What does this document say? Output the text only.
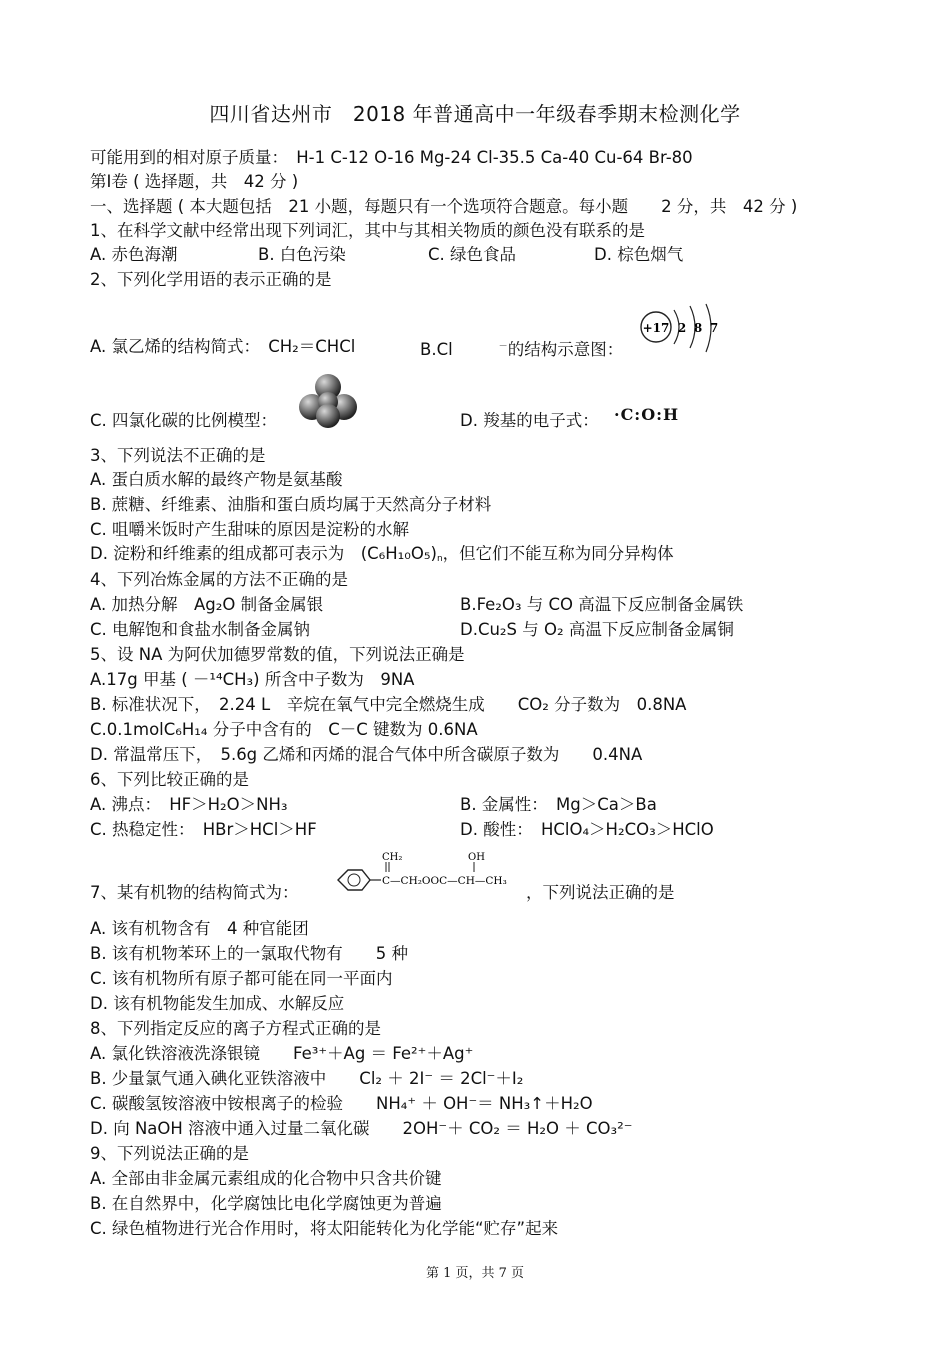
四川省达州市　2018 年普通高中一年级春季期末检测化学
可能用到的相对原子质量：　H-1 C-12 O-16 Mg-24 Cl-35.5 Ca-40 Cu-64 Br-80
第Ⅰ卷 ( 选择题，共　42 分 )
一、选择题 ( 本大题包括　21 小题，每题只有一个选项符合题意。每小题　　2 分，共　42 分 )
1、在科学文献中经常出现下列词汇，其中与其相关物质的颜色没有联系的是
A. 赤色海潮	B. 白色污染	C. 绿色食品	D. 棕色烟气
2、下列化学用语的表示正确的是
A. 氯乙烯的结构简式：　CH₂＝CHCl	B.Cl	－的结构示意图：
+17 2 8 7
C. 四氯化碳的比例模型：	D. 羧基的电子式： ·C:O:H
3、下列说法不正确的是
A. 蛋白质水解的最终产物是氨基酸
B. 蔗糖、纤维素、油脂和蛋白质均属于天然高分子材料
C. 咀嚼米饭时产生甜味的原因是淀粉的水解
D. 淀粉和纤维素的组成都可表示为　$(C_6H_{10}O_5)_n$，但它们不能互称为同分异构体
4、下列冶炼金属的方法不正确的是
A. 加热分解　Ag₂O 制备金属银	B.Fe₂O₃ 与 CO 高温下反应制备金属铁
C. 电解饱和食盐水制备金属钠	D.Cu₂S 与 O₂ 高温下反应制备金属铜
5、设 NA 为阿伏加德罗常数的值，下列说法正确是
A.17g 甲基 ( －¹⁴CH₃) 所含中子数为　9NA
B. 标准状况下，　2.24 L　辛烷在氧气中完全燃烧生成　　CO₂ 分子数为　0.8NA
C.0.1molC₆H₁₄ 分子中含有的　C－C 键数为 0.6NA
D. 常温常压下，　5.6g 乙烯和丙烯的混合气体中所含碳原子数为　　0.4NA
6、下列比较正确的是
A. 沸点：　HF＞H₂O＞NH₃	B. 金属性：　Mg＞Ca＞Ba
C. 热稳定性：　HBr＞HCl＞HF	D. 酸性：　HClO₄＞H₂CO₃＞HClO
7、某有机物的结构简式为：
CH₂	OH
C—CH₂OOC—CH—CH₃
，下列说法正确的是
A. 该有机物含有　4 种官能团
B. 该有机物苯环上的一氯取代物有　　5 种
C. 该有机物所有原子都可能在同一平面内
D. 该有机物能发生加成、水解反应
8、下列指定反应的离子方程式正确的是
A. 氯化铁溶液洗涤银镜　　Fe³⁺＋Ag ＝ Fe²⁺＋Ag⁺
B. 少量氯气通入碘化亚铁溶液中　　Cl₂ ＋ 2I⁻ ＝ 2Cl⁻＋I₂
C. 碳酸氢铵溶液中铵根离子的检验　　NH₄⁺ ＋ OH⁻＝ NH₃↑＋H₂O
D. 向 NaOH 溶液中通入过量二氧化碳　　2OH⁻＋ CO₂ ＝ H₂O ＋ CO₃²⁻
9、下列说法正确的是
A. 全部由非金属元素组成的化合物中只含共价键
B. 在自然界中，化学腐蚀比电化学腐蚀更为普遍
C. 绿色植物进行光合作用时，将太阳能转化为化学能“贮存”起来
第 1 页，共 7 页
